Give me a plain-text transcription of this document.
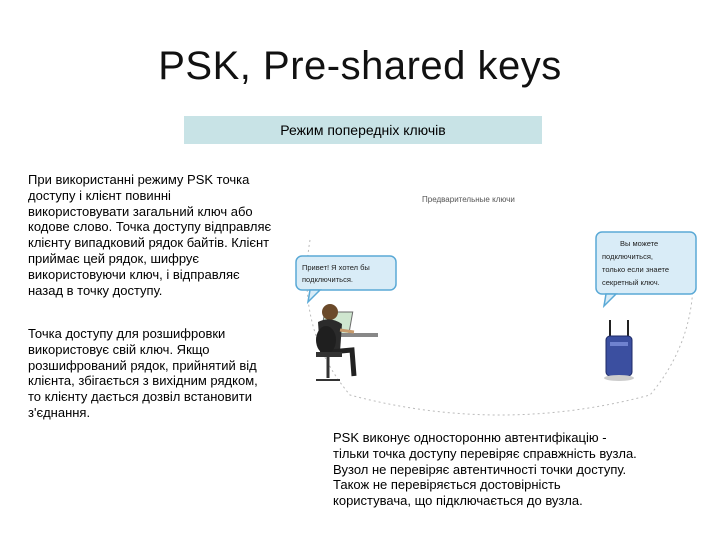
PSK, Pre-shared keys
Режим попередніх ключів
При використанні режиму PSK точка
доступу і клієнт повинні
використовувати загальний ключ або
кодове слово. Точка доступу відправляє
клієнту випадковий рядок байтів. Клієнт
приймає цей рядок, шифрує
використовуючи ключ, і відправляє
назад в точку доступу.
Точка доступу для розшифровки
використовує свій ключ. Якщо
розшифрований рядок, прийнятий від
клієнта, збігається з вихідним рядком,
то клієнту дається дозвіл встановити
з'єднання.
PSK виконує односторонню автентифікацію -
тільки точка доступу перевіряє справжність вузла.
Вузол не перевіряє автентичності точки доступу.
Також не перевіряється достовірність
користувача, що підключається до вузла.
Предварительные ключи
Привет! Я хотел бы
подключиться.
Вы можете
подключиться,
только если знаете
секретный ключ.
